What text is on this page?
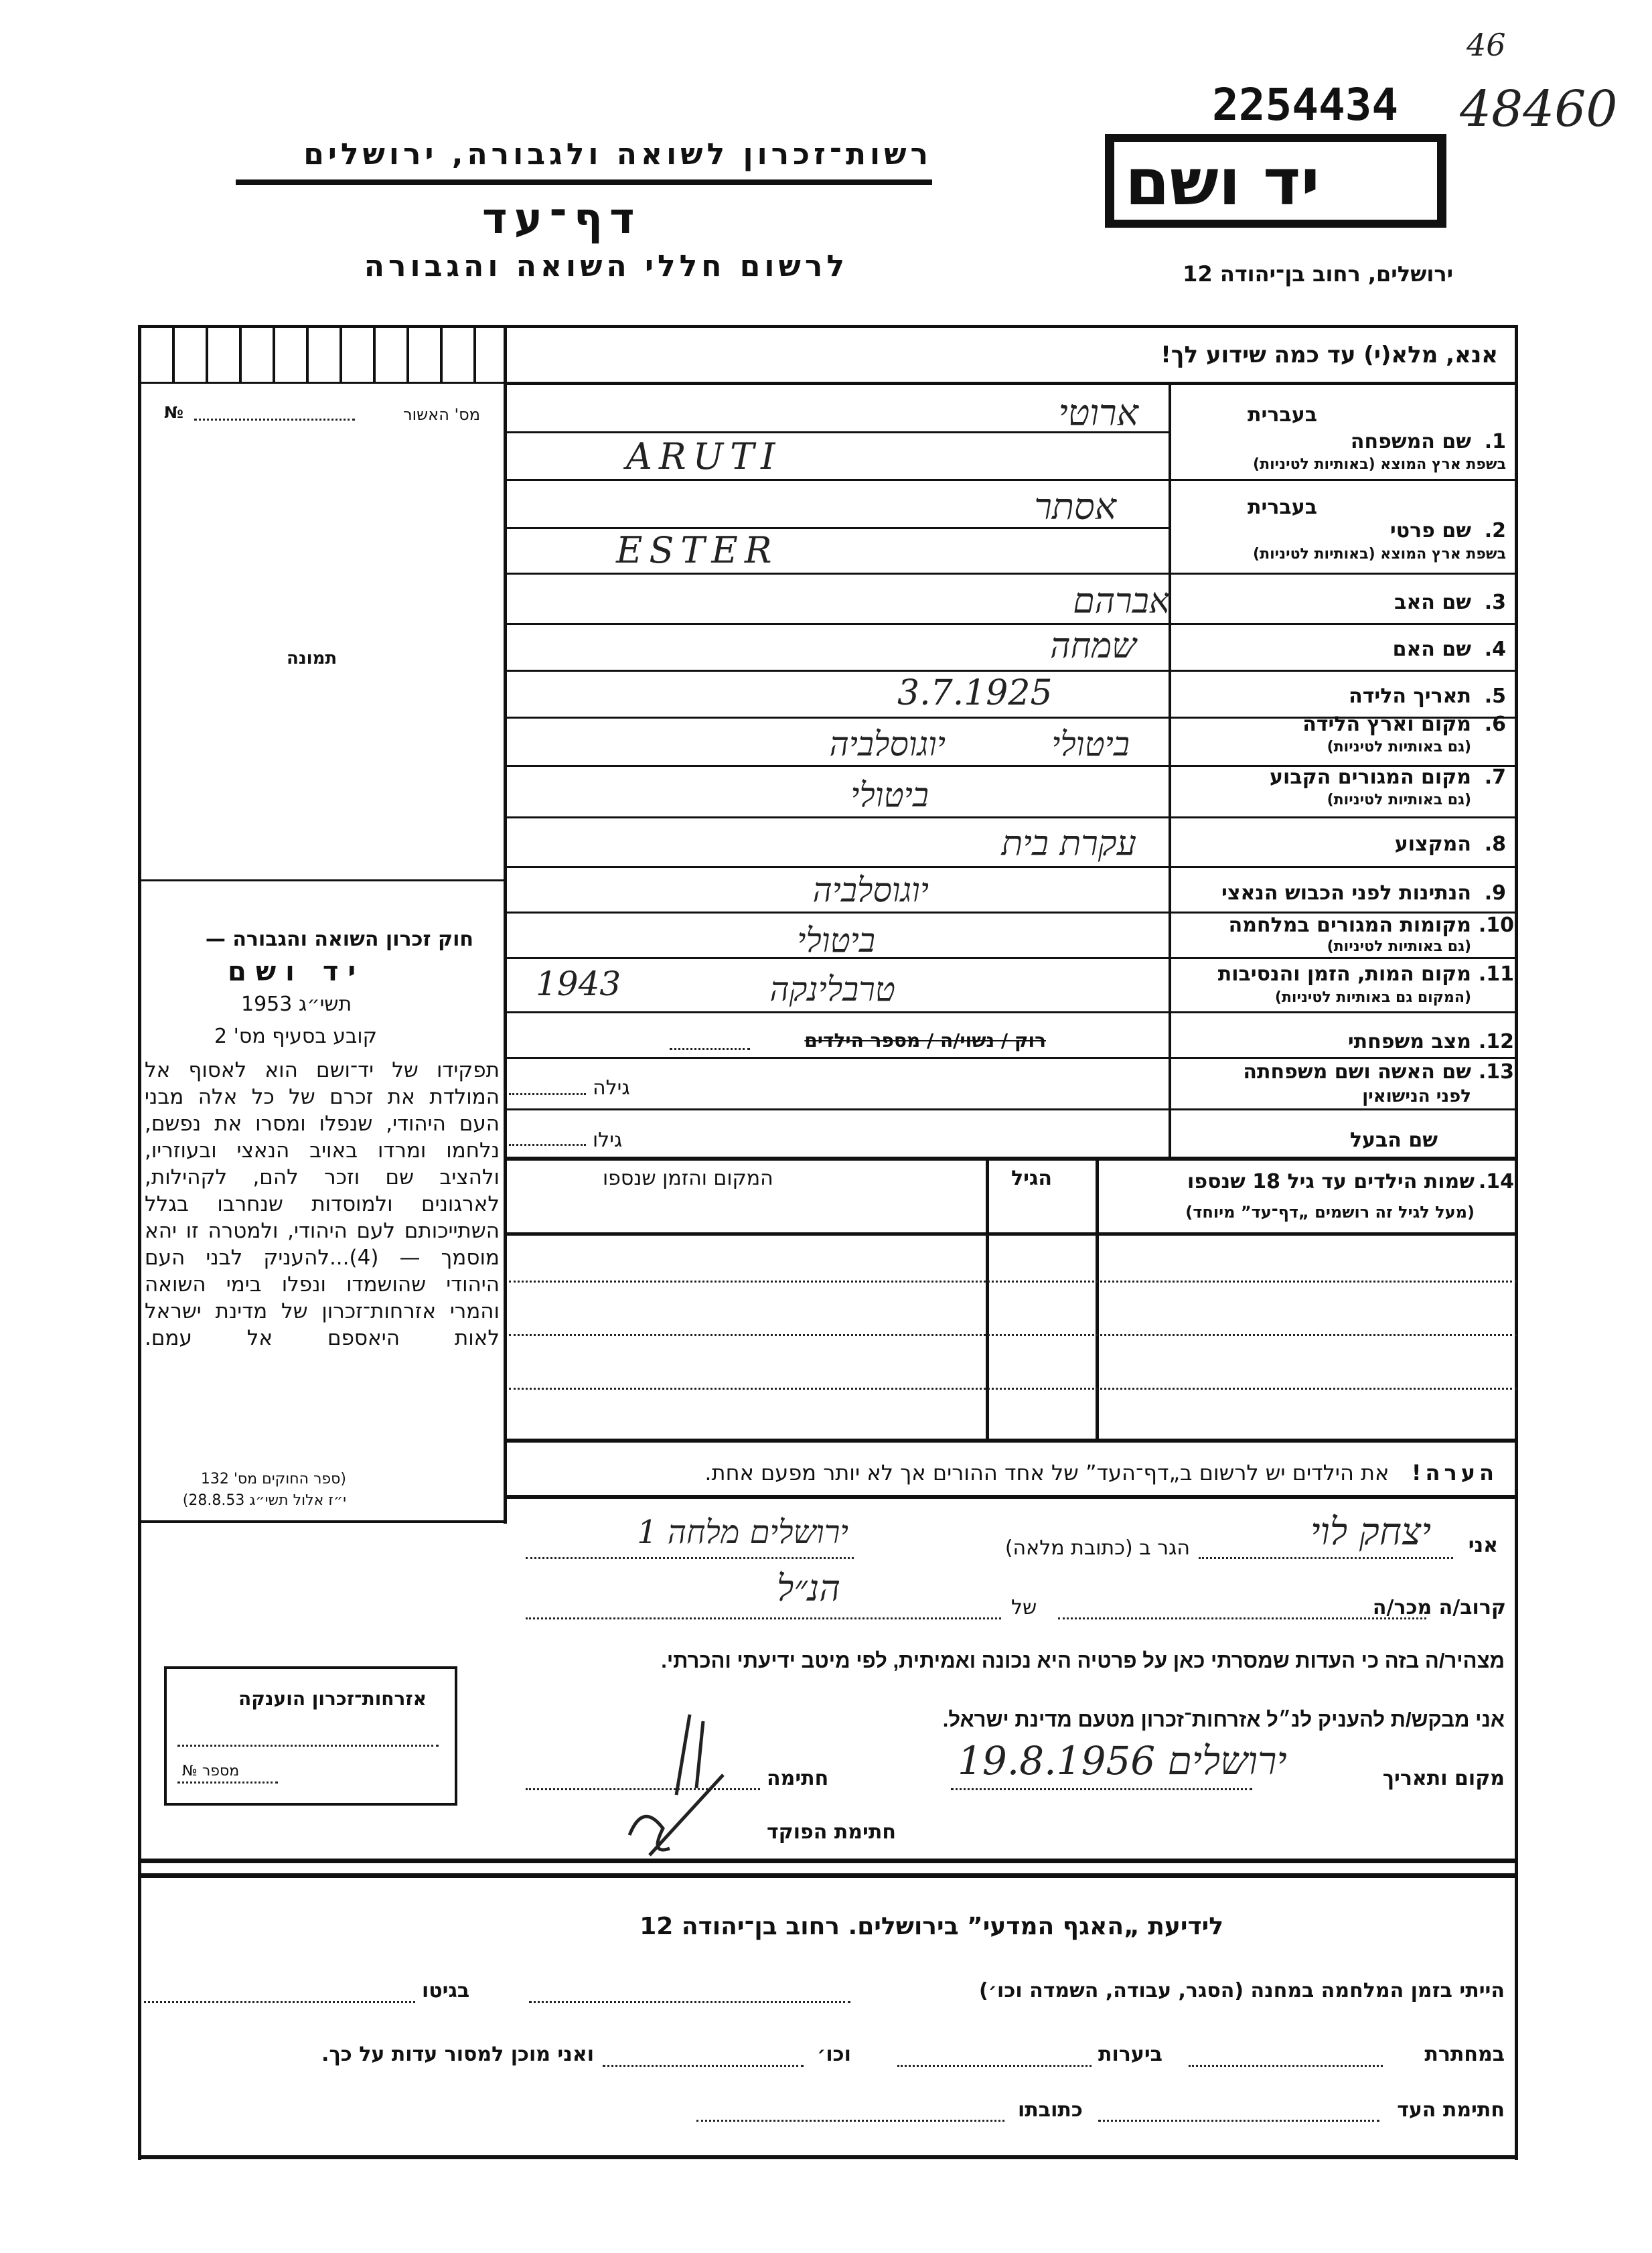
46
48460
2254434
יד ושם
רשות־זכרון לשואה ולגבורה, ירושלים
דף־עד
לרשום חללי השואה והגבורה	ירושלים, רחוב בן־יהודה 12
אנא, מלא(י) עד כמה שידוע לך!
בעברית
1.
שם המשפחה
בשפת ארץ המוצא (באותיות לטיניות)
בעברית
2.
שם פרטי
בשפת ארץ המוצא (באותיות לטיניות)
3.
שם האב
4.
שם האם
5.
תאריך הלידה
6.
מקום וארץ הלידה
(גם באותיות לטיניות)
7.
מקום המגורים הקבוע
(גם באותיות לטיניות)
8.
המקצוע
9.
הנתינות לפני הכבוש הנאצי
10.
מקומות המגורים במלחמה
(גם באותיות לטיניות)
11.
מקום המות, הזמן והנסיבות
(המקום גם באותיות לטיניות)
12.
מצב משפחתי
13.
שם האשה ושם משפחתה
לפני הנישואין
שם הבעל
ארוטי
ARUTI
אסתר
ESTER
אברהם
שמחה
3.7.1925
ביטולי
יוגוסלביה
ביטולי
עקרת בית
יוגוסלביה
ביטולי
טרבלינקה
1943
רוק / נשוי/ה / מספר הילדים
גילה
גילו
14.
שמות הילדים עד גיל 18 שנספו
(מעל לגיל זה רושמים „דף־עד” מיוחד)
הגיל
המקום והזמן שנספו
הערה!   את הילדים יש לרשום ב„דף־העד” של אחד ההורים אך לא יותר מפעם אחת.
מס' האשור
№
תמונה
חוק זכרון השואה והגבורה —
יד ושם
תשי״ג 1953
קובע בסעיף מס' 2
תפקידו של יד־ושם הוא לאסוף אל המולדת את זכרם של כל אלה מבני העם היהודי, שנפלו ומסרו את נפשם, נלחמו ומרדו באויב הנאצי ובעוזריו, ולהציב שם וזכר להם, לקהילות, לארגונים ולמוסדות שנחרבו בגלל השתייכותם לעם היהודי, ולמטרה זו יהא מוסמך — (4)...להעניק לבני העם היהודי שהושמדו ונפלו בימי השואה והמרי אזרחות־זכרון של מדינת ישראל לאות היאספם אל עמם.
(ספר החוקים מס' 132
י״ז אלול תשי״ג 28.8.53)
אזרחות־זכרון הוענקה
מספר №
אני
יצחק לוי
הגר ב (כתובת מלאה)
ירושלים מלחה 1
קרוב/ה מכר/ה
של
הנ״ל
מצהיר/ה בזה כי העדות שמסרתי כאן על פרטיה היא נכונה ואמיתית, לפי מיטב ידיעתי והכרתי.
אני מבקש/ת להעניק לנ״ל אזרחות־זכרון מטעם מדינת ישראל.
מקום ותאריך
ירושלים 19.8.1956
חתימה
חתימת הפוקד
לידיעת „האגף המדעי” בירושלים. רחוב בן־יהודה 12
הייתי בזמן המלחמה במחנה (הסגר, עבודה, השמדה וכו׳)
בגיטו
במחתרת
ביערות
וכו׳
ואני מוכן למסור עדות על כך.
חתימת העד
כתובתו
